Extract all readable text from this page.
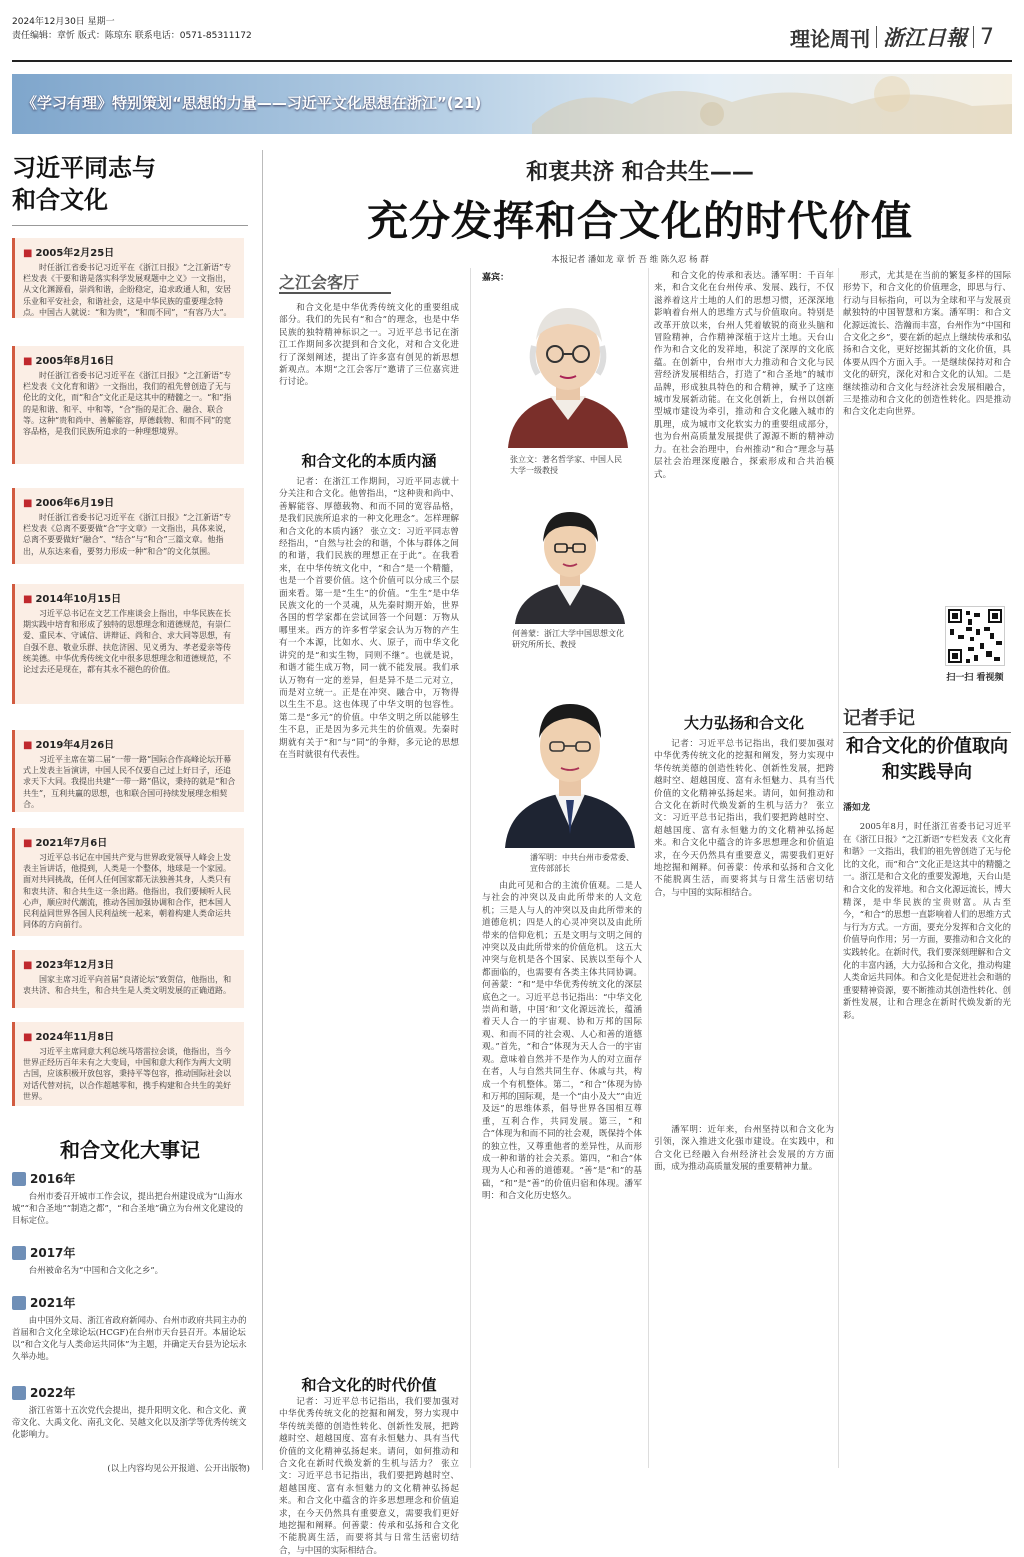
2024年12月30日 星期一
责任编辑：章忻 版式：陈琼东 联系电话：0571-85311172	理论周刊 浙江日報 7
《学习有理》特别策划“思想的力量——习近平文化思想在浙江”(21)
习近平同志与和合文化
■ 2005年2月25日
时任浙江省委书记习近平在《浙江日报》“之江新语”专栏发表《干要和谐是落实科学发展观题中之义》一文指出，从文化渊源看，崇尚和谐，企盼稳定，追求政通人和，安居乐业和平安社会，和谐社会，这是中华民族的重要理念特点。中国古人就说：“和为贵”，“和而不同”，“有容乃大”。
■ 2005年8月16日
时任浙江省委书记习近平在《浙江日报》“之江新语”专栏发表《文化育和谐》一文指出，我们的祖先曾创造了无与伦比的文化，而“和合”文化正是这其中的精髓之一。“和”指的是和谐、和平、中和等，“合”指的是汇合、融合、联合等。这种“贵和尚中、善解能容，厚德载物、和而不同”的宽容品格，是我们民族所追求的一种理想境界。
■ 2006年6月19日
时任浙江省委书记习近平在《浙江日报》“之江新语”专栏发表《总离不要要做“合”字文章》一文指出，具体来说，总离不要要做好“融合”、“结合”与“和合”三篇文章。他指出，从东达来看，要努力形成一种“和合”的文化氛围。
■ 2014年10月15日
习近平总书记在文艺工作座谈会上指出，中华民族在长期实践中培育和形成了独特的思想理念和道德规范，有崇仁爱、重民本、守诚信、讲辩证、尚和合、求大同等思想，有自强不息、敬业乐群、扶危济困、见义勇为、孝老爱亲等传统美德。中华优秀传统文化中很多思想理念和道德规范，不论过去还是现在，都有其永不褪色的价值。
■ 2019年4月26日
习近平主席在第二届“一带一路”国际合作高峰论坛开幕式上发表主旨演讲，中国人民不仅要自己过上好日子，还追求天下大同。我提出共建“一带一路”倡议，秉持的就是“和合共生”，互利共赢的思想，也和联合国可持续发展理念相契合。
■ 2021年7月6日
习近平总书记在中国共产党与世界政党领导人峰会上发表主旨讲话，他提到，人类是一个整体，地球是一个家园。面对共同挑战，任何人任何国家都无法独善其身，人类只有和衷共济、和合共生这一条出路。他指出，我们要倾听人民心声，顺应时代潮流，推动各国加强协调和合作，把本国人民利益同世界各国人民利益统一起来，朝着构建人类命运共同体的方向前行。
■ 2023年12月3日
国家主席习近平向首届“良渚论坛”致贺信，他指出，和衷共济、和合共生，和合共生是人类文明发展的正确道路。
■ 2024年11月8日
习近平主席同意大利总统马塔雷拉会谈，他指出，当今世界正经历百年未有之大变局，中国和意大利作为两大文明古国，应该积极开放包容，秉持平等包容，推动国际社会以对话代替对抗，以合作超越零和，携手构建和合共生的美好世界。
和合文化大事记
2016年
台州市委召开城市工作会议，提出把台州建设成为“山海水城”“和合圣地”“制造之都”，“和合圣地”确立为台州文化建设的目标定位。
2017年
台州被命名为“中国和合文化之乡”。
2021年
由中国外文局、浙江省政府新闻办、台州市政府共同主办的首届和合文化全球论坛(HCGF)在台州市天台县召开。本届论坛以“和合文化与人类命运共同体”为主题，并确定天台县为论坛永久举办地。
2022年
浙江省第十五次党代会提出，提升阳明文化、和合文化、黄帝文化、大禹文化、南孔文化、吴越文化以及浙学等优秀传统文化影响力。
(以上内容均见公开报道、公开出版物)
和衷共济 和合共生——
充分发挥和合文化的时代价值
本报记者 潘如龙 章 忻 吾 维 陈久忍 杨 群
之江会客厅
和合文化是中华优秀传统文化的重要组成部分。我们的先民有“和合”的理念，也是中华民族的独特精神标识之一。习近平总书记在浙江工作期间多次提到和合文化，对和合文化进行了深刻阐述，提出了许多富有创见的新思想新观点。本期“之江会客厅”邀请了三位嘉宾进行讨论。
和合文化的本质内涵
记者：在浙江工作期间，习近平同志就十分关注和合文化。他曾指出，“这种贵和尚中、善解能容、厚德载物、和而不同的宽容品格，是我们民族所追求的一种文化理念”。怎样理解和合文化的本质内涵？ 张立文：习近平同志曾经指出，“自然与社会的和谐，个体与群体之间的和谐，我们民族的理想正在于此”。在我看来，在中华传统文化中，“和合”是一个精髓，也是一个首要价值。这个价值可以分成三个层面来看。第一是“生生”的价值。“生生”是中华民族文化的一个灵魂，从先秦时期开始，世界各国的哲学家都在尝试回答一个问题：万物从哪里来。西方的许多哲学家会认为万物的产生有一个本源，比如水、火、原子，而中华文化讲究的是“和实生物，同则不继”。也就是说，和谐才能生成万物，同一就不能发展。我们承认万物有一定的差异，但是异不是二元对立，而是对立统一。正是在冲突、融合中，万物得以生生不息。这也体现了中华文明的包容性。第二是“多元”的价值。中华文明之所以能够生生不息，正是因为多元共生的价值观。先秦时期就有关于“和”与“同”的争辩，多元论的思想在当时就很有代表性。
和合文化的时代价值
记者：习近平总书记指出，我们要加强对中华优秀传统文化的挖掘和阐发，努力实现中华传统美德的创造性转化、创新性发展，把跨越时空、超越国度、富有永恒魅力、具有当代价值的文化精神弘扬起来。请问，如何推动和合文化在新时代焕发新的生机与活力？ 张立文：习近平总书记指出，我们要把跨越时空、超越国度、富有永恒魅力的文化精神弘扬起来。和合文化中蕴含的许多思想理念和价值追求，在今天仍然具有重要意义，需要我们更好地挖掘和阐释。何善蒙：传承和弘扬和合文化不能脱离生活，而要将其与日常生活密切结合，与中国的实际相结合。
嘉宾：
张立文：著名哲学家、中国人民大学一级教授
何善蒙：浙江大学中国思想文化研究所所长、教授
潘军明：中共台州市委常委、宣传部部长
由此可见和合的主流价值观。二是人与社会的冲突以及由此所带来的人文危机；三是人与人的冲突以及由此所带来的道德危机；四是人的心灵冲突以及由此所带来的信仰危机；五是文明与文明之间的冲突以及由此所带来的价值危机。 这五大冲突与危机是各个国家、民族以至每个人都面临的，也需要有各类主体共同协调。何善蒙：“和”是中华优秀传统文化的深层底色之一。习近平总书记指出：“中华文化崇尚和谐，中国‘和’文化源远流长，蕴涵着天人合一的宇宙观、协和万邦的国际观、和而不同的社会观、人心和善的道德观。”首先，“和合”体现为天人合一的宇宙观。意味着自然并不是作为人的对立面存在者，人与自然共同生存、休戚与共，构成一个有机整体。第二，“和合”体现为协和万邦的国际观，是一个“由小及大”“由近及远”的思维体系，倡导世界各国相互尊重，互利合作，共同发展。第三，“和合”体现为和而不同的社会观，既保持个体的独立性，又尊重他者的差异性，从而形成一种和谐的社会关系。第四，“和合”体现为人心和善的道德观。“善”是“和”的基础，“和”是“善”的价值归宿和体现。潘军明：和合文化历史悠久。
和合文化的传承和表达。潘军明：千百年来，和合文化在台州传承、发展、践行，不仅滋养着这片土地的人们的思想习惯，还深深地影响着台州人的思维方式与价值取向。特别是改革开放以来，台州人凭着敏锐的商业头脑和冒险精神，合作精神深植于这片土地。天台山作为和合文化的发祥地，积淀了深厚的文化底蕴。在创新中，台州市大力推动和合文化与民营经济发展相结合，打造了“和合圣地”的城市品牌，形成独具特色的和合精神，赋予了这座城市发展新动能。在文化创新上，台州以创新型城市建设为牵引，推动和合文化融入城市的肌理，成为城市文化软实力的重要组成部分，也为台州高质量发展提供了源源不断的精神动力。在社会治理中，台州推动“和合”理念与基层社会治理深度融合，探索形成和合共治模式。
大力弘扬和合文化
记者：习近平总书记指出，我们要加强对中华优秀传统文化的挖掘和阐发，努力实现中华传统美德的创造性转化、创新性发展，把跨越时空、超越国度、富有永恒魅力、具有当代价值的文化精神弘扬起来。请问，如何推动和合文化在新时代焕发新的生机与活力？ 张立文：习近平总书记指出，我们要把跨越时空、超越国度、富有永恒魅力的文化精神弘扬起来。和合文化中蕴含的许多思想理念和价值追求，在今天仍然具有重要意义，需要我们更好地挖掘和阐释。何善蒙：传承和弘扬和合文化不能脱离生活，而要将其与日常生活密切结合，与中国的实际相结合。
潘军明：近年来，台州坚持以和合文化为引领，深入推进文化强市建设。在实践中，和合文化已经融入台州经济社会发展的方方面面，成为推动高质量发展的重要精神力量。
形式，尤其是在当前的繁复多样的国际形势下，和合文化的价值理念，即思与行、行动与目标指向，可以为全球和平与发展贡献独特的中国智慧和方案。潘军明：和合文化源远流长、浩瀚而丰富，台州作为“中国和合文化之乡”，要在新的起点上继续传承和弘扬和合文化，更好挖掘其新的文化价值，具体要从四个方面入手。一是继续保持对和合文化的研究，深化对和合文化的认知。二是继续推动和合文化与经济社会发展相融合，三是推动和合文化的创造性转化。四是推动和合文化走向世界。
扫一扫 看视频
记者手记
和合文化的价值取向和实践导向
潘如龙
2005年8月，时任浙江省委书记习近平在《浙江日报》“之江新语”专栏发表《文化育和谐》一文指出，我们的祖先曾创造了无与伦比的文化，而“和合”文化正是这其中的精髓之一。浙江是和合文化的重要发源地，天台山是和合文化的发祥地。和合文化源远流长，博大精深，是中华民族的宝贵财富。从古至今，“和合”的思想一直影响着人们的思维方式与行为方式。一方面，要充分发挥和合文化的价值导向作用；另一方面，要推动和合文化的实践转化。在新时代，我们要深刻理解和合文化的丰富内涵，大力弘扬和合文化，推动构建人类命运共同体。和合文化是促进社会和谐的重要精神资源，要不断推动其创造性转化、创新性发展，让和合理念在新时代焕发新的光彩。
